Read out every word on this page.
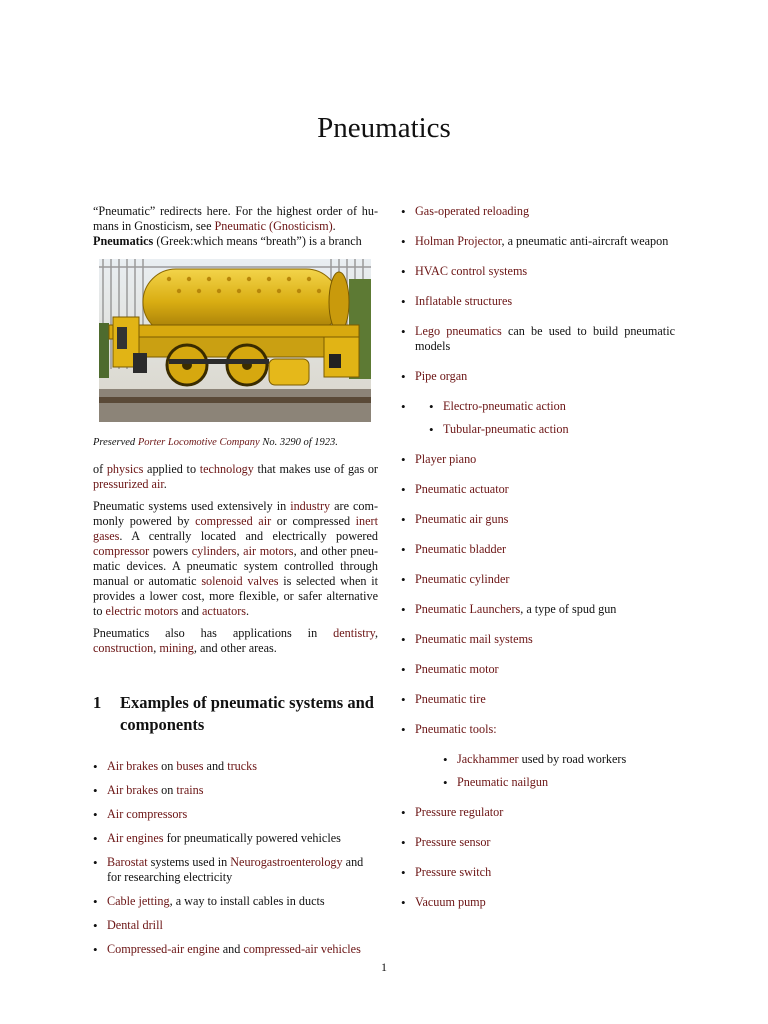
Pneumatics

“Pneumatic” redirects here. For the highest order of hu- mans in Gnosticism, see Pneumatic (Gnosticism).

Pneumatics (Greek:which means “breath”) is a branch

Preserved Porter Locomotive Company No. 3290 of 1923.

of physics applied to technology that makes use of gas or pressurized air.

Pneumatic systems used extensively in industry are com- monly powered by compressed air or compressed inert gases. A centrally located and electrically powered compressor powers cylinders, air motors, and other pneu- matic devices. A pneumatic system controlled through manual or automatic solenoid valves is selected when it provides a lower cost, more flexible, or safer alternative to electric motors and actuators.

Pneumatics also has applications in dentistry, construction, mining, and other areas.

1	Examples of pneumatic systems and components
• Air brakes on buses and trucks
• Air brakes on trains
• Air compressors
• Air engines for pneumatically powered vehicles
• Barostat systems used in Neurogastroenterology and for researching electricity
• Cable jetting, a way to install cables in ducts
• Dental drill
• Compressed-air engine and compressed-air vehicles
• Gas-operated reloading
• Holman Projector, a pneumatic anti-aircraft weapon
• HVAC control systems
• Inflatable structures
• Lego pneumatics can be used to build pneumatic models
• Pipe organ
• • Electro-pneumatic action
• Tubular-pneumatic action
• Player piano
• Pneumatic actuator
• Pneumatic air guns
• Pneumatic bladder
• Pneumatic cylinder
• Pneumatic Launchers, a type of spud gun
• Pneumatic mail systems
• Pneumatic motor
• Pneumatic tire
• Pneumatic tools:
• Jackhammer used by road workers
• Pneumatic nailgun
• Pressure regulator
• Pressure sensor
• Pressure switch
• Vacuum pump
1
